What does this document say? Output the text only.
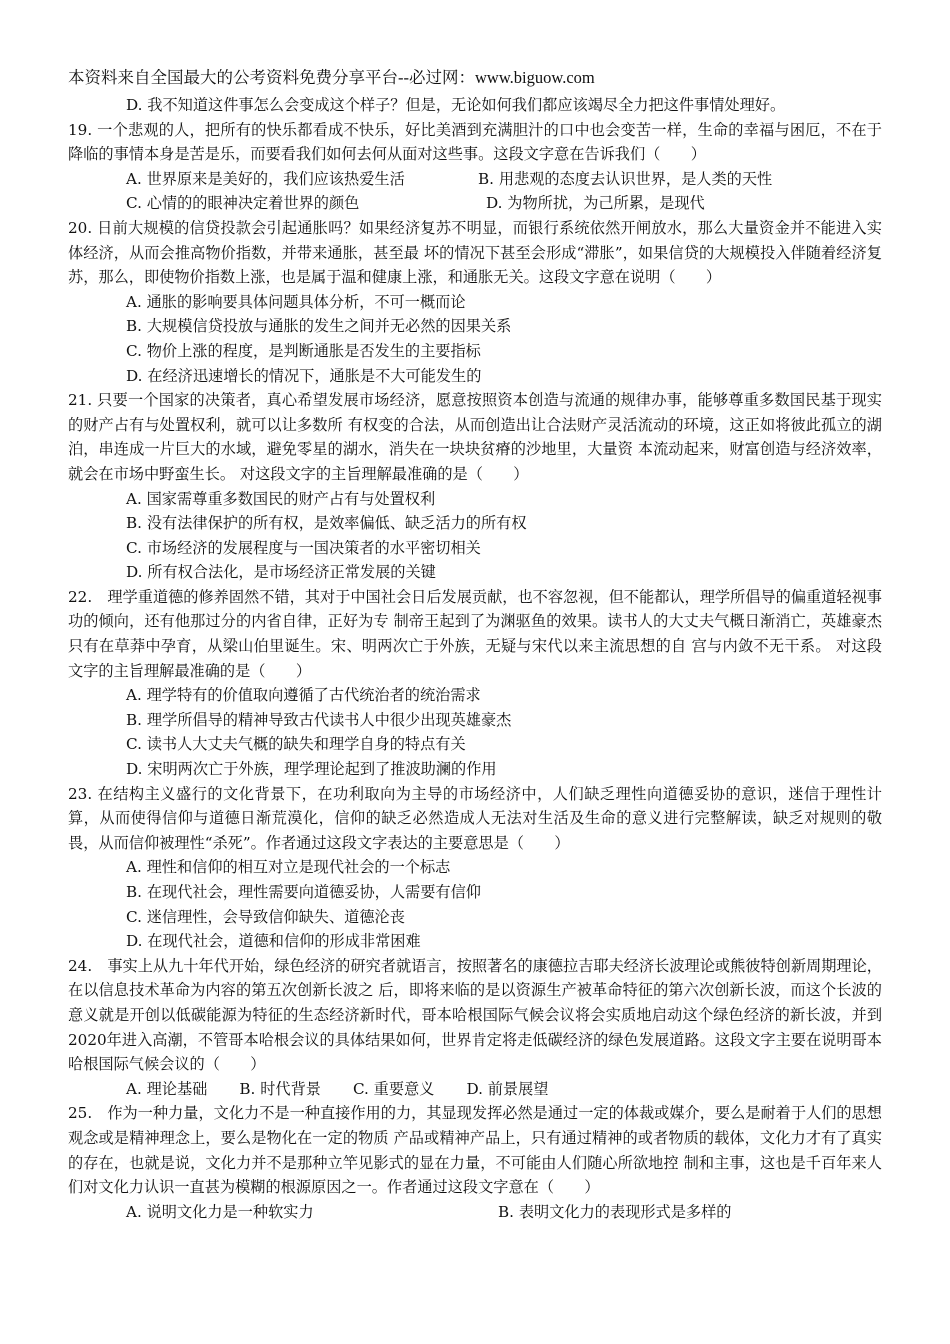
本资料来自全国最大的公考资料免费分享平台--必过网：www.biguow.com

D. 我不知道这件事怎么会变成这个样子？但是，无论如何我们都应该竭尽全力把这件事情处理好。

19. 一个悲观的人，把所有的快乐都看成不快乐，好比美酒到充满胆汁的口中也会变苦一样，生命的幸福与困厄，不在于降临的事情本身是苦是乐，而要看我们如何去何从面对这些事。这段文字意在告诉我们（　　）

A. 世界原来是美好的，我们应该热爱生活	B. 用悲观的态度去认识世界，是人类的天性
C. 心情的的眼神决定着世界的颜色	D. 为物所扰，为己所累，是现代

20. 日前大规模的信贷投款会引起通胀吗？如果经济复苏不明显，而银行系统依然开闸放水，那么大量资金并不能进入实体经济，从而会推高物价指数，并带来通胀，甚至最 坏的情况下甚至会形成“滞胀”，如果信贷的大规模投入伴随着经济复苏，那么，即使物价指数上涨，也是属于温和健康上涨，和通胀无关。这段文字意在说明（　　）

A. 通胀的影响要具体问题具体分析，不可一概而论

B. 大规模信贷投放与通胀的发生之间并无必然的因果关系

C. 物价上涨的程度，是判断通胀是否发生的主要指标

D. 在经济迅速增长的情况下，通胀是不大可能发生的

21. 只要一个国家的决策者，真心希望发展市场经济，愿意按照资本创造与流通的规律办事，能够尊重多数国民基于现实的财产占有与处置权利，就可以让多数所 有权变的合法，从而创造出让合法财产灵活流动的环境，这正如将彼此孤立的湖泊，串连成一片巨大的水域，避免零星的湖水，消失在一块块贫瘠的沙地里，大量资 本流动起来，财富创造与经济效率，就会在市场中野蛮生长。 对这段文字的主旨理解最准确的是（　　）

A. 国家需尊重多数国民的财产占有与处置权利

B. 没有法律保护的所有权，是效率偏低、缺乏活力的所有权

C. 市场经济的发展程度与一国决策者的水平密切相关

D. 所有权合法化，是市场经济正常发展的关键

22.　理学重道德的修养固然不错，其对于中国社会日后发展贡献，也不容忽视，但不能都认，理学所倡导的偏重道轻视事功的倾向，还有他那过分的内省自律，正好为专 制帝王起到了为渊驱鱼的效果。读书人的大丈夫气概日渐消亡，英雄豪杰只有在草莽中孕育，从梁山伯里诞生。宋、明两次亡于外族，无疑与宋代以来主流思想的自 宫与内敛不无干系。 对这段文字的主旨理解最准确的是（　　）

A. 理学特有的价值取向遵循了古代统治者的统治需求

B. 理学所倡导的精神导致古代读书人中很少出现英雄豪杰

C. 读书人大丈夫气概的缺失和理学自身的特点有关

D. 宋明两次亡于外族，理学理论起到了推波助澜的作用

23. 在结构主义盛行的文化背景下，在功利取向为主导的市场经济中，人们缺乏理性向道德妥协的意识，迷信于理性计算，从而使得信仰与道德日渐荒漠化，信仰的缺乏必然造成人无法对生活及生命的意义进行完整解读，缺乏对规则的敬畏，从而信仰被理性“杀死”。作者通过这段文字表达的主要意思是（　　）

A. 理性和信仰的相互对立是现代社会的一个标志

B. 在现代社会，理性需要向道德妥协，人需要有信仰

C. 迷信理性，会导致信仰缺失、道德沦丧

D. 在现代社会，道德和信仰的形成非常困难

24.　事实上从九十年代开始，绿色经济的研究者就语言，按照著名的康德拉吉耶夫经济长波理论或熊彼特创新周期理论，在以信息技术革命为内容的第五次创新长波之 后，即将来临的是以资源生产被革命特征的第六次创新长波，而这个长波的意义就是开创以低碳能源为特征的生态经济新时代，哥本哈根国际气候会议将会实质地启动这个绿色经济的新长波，并到2020年进入高潮，不管哥本哈根会议的具体结果如何，世界肯定将走低碳经济的绿色发展道路。这段文字主要在说明哥本哈根国际气候会议的（　　）

A. 理论基础 B. 时代背景 C. 重要意义 D. 前景展望

25.　作为一种力量，文化力不是一种直接作用的力，其显现发挥必然是通过一定的体裁或媒介，要么是耐着于人们的思想观念或是精神理念上，要么是物化在一定的物质 产品或精神产品上，只有通过精神的或者物质的载体，文化力才有了真实的存在，也就是说，文化力并不是那种立竿见影式的显在力量，不可能由人们随心所欲地控 制和主事，这也是千百年来人们对文化力认识一直甚为模糊的根源原因之一。作者通过这段文字意在（　　）

A. 说明文化力是一种软实力	B. 表明文化力的表现形式是多样的
